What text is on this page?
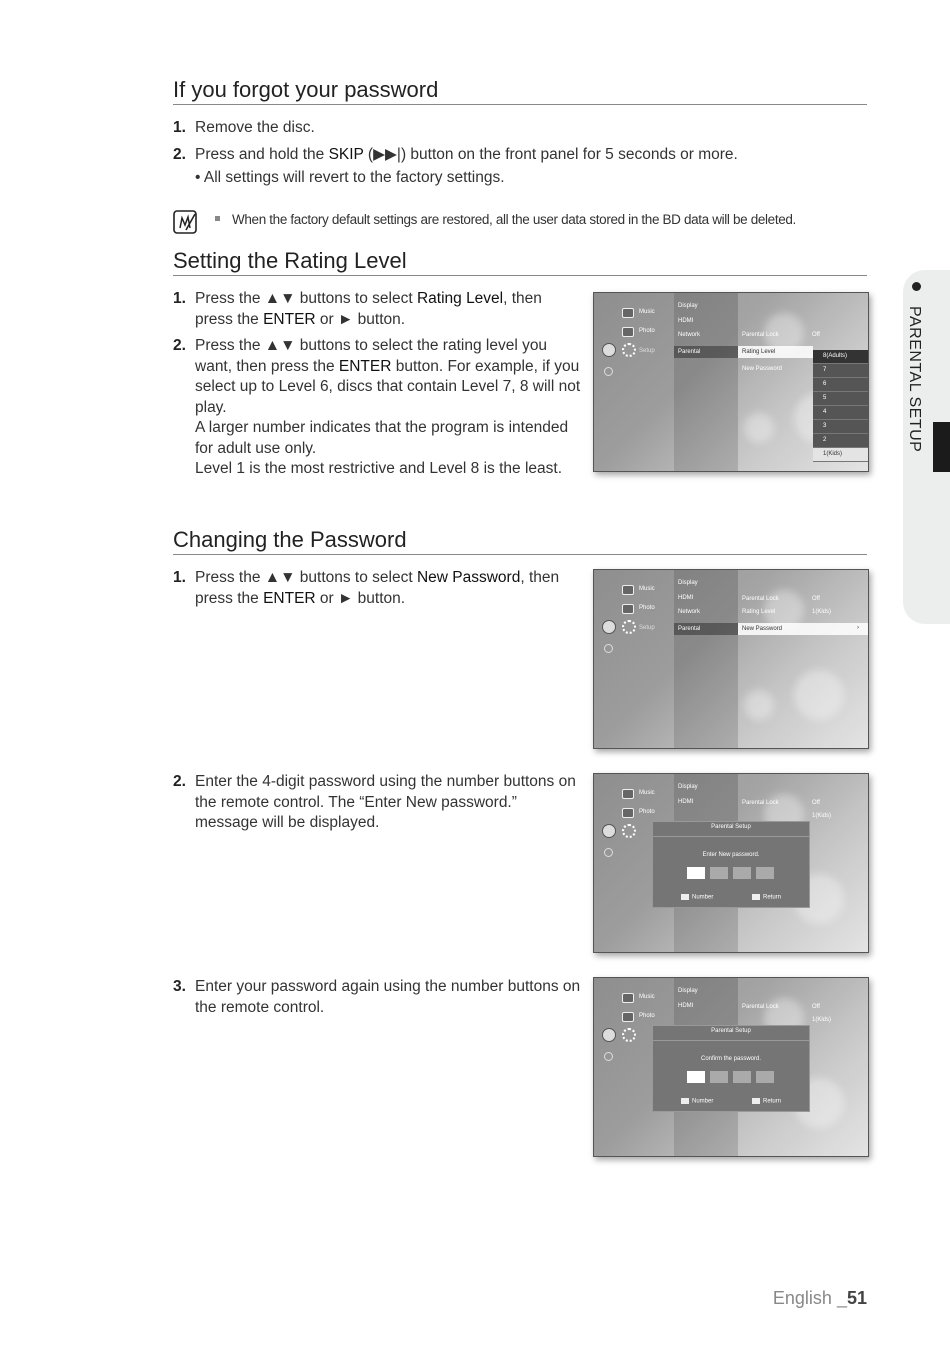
If you forgot your password
1. Remove the disc.
2. Press and hold the SKIP (▶▶|) button on the front panel for 5 seconds or more.
• All settings will revert to the factory settings.
When the factory default settings are restored, all the user data stored in the BD data will be deleted.
Setting the Rating Level
1. Press the ▲▼ buttons to select Rating Level, then press the ENTER or ► button.
2. Press the ▲▼ buttons to select the rating level you want, then press the ENTER button. For example, if you select up to Level 6, discs that contain Level 7, 8 will not play.
A larger number indicates that the program is intended for adult use only.
Level 1 is the most restrictive and Level 8 is the least.
Music
Photo
Setup
Display
HDMI
Network
Parental
Parental Lock	Off
Rating Level
New Password
8(Adults)
7
6
5
4
3
2
1(Kids)
Changing the Password
1. Press the ▲▼ buttons to select New Password, then press the ENTER or ► button.
Music
Photo
Setup
Display
HDMI
Network
Parental
Parental Lock	Off
Rating Level	1(Kids)
New Password	›
2. Enter the 4-digit password using the number buttons on the remote control. The “Enter New password.” message will be displayed.
Music
Photo
Display
HDMI	Parental Lock	Off
1(Kids)
Parental Setup
Enter New password.
Number	Return
3. Enter your password again using the number buttons on the remote control.
Music
Photo
Display
HDMI	Parental Lock	Off
1(Kids)
Parental Setup
Confirm the password.
Number	Return
PARENTAL SETUP
English _51
